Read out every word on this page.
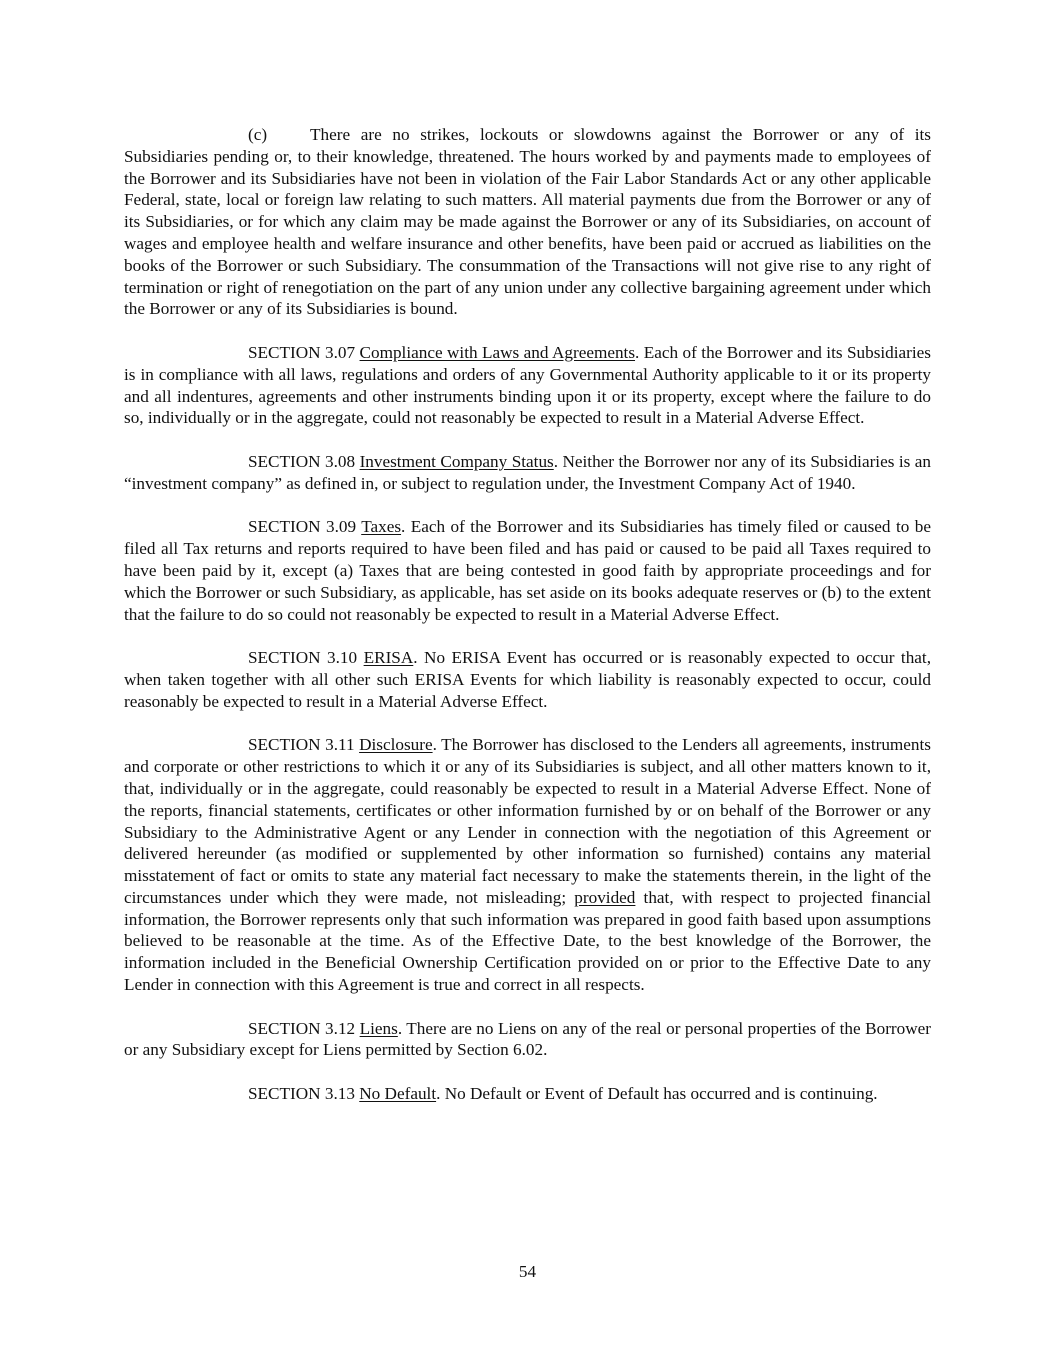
(c) There are no strikes, lockouts or slowdowns against the Borrower or any of its Subsidiaries pending or, to their knowledge, threatened. The hours worked by and payments made to employees of the Borrower and its Subsidiaries have not been in violation of the Fair Labor Standards Act or any other applicable Federal, state, local or foreign law relating to such matters. All material payments due from the Borrower or any of its Subsidiaries, or for which any claim may be made against the Borrower or any of its Subsidiaries, on account of wages and employee health and welfare insurance and other benefits, have been paid or accrued as liabilities on the books of the Borrower or such Subsidiary. The consummation of the Transactions will not give rise to any right of termination or right of renegotiation on the part of any union under any collective bargaining agreement under which the Borrower or any of its Subsidiaries is bound.

SECTION 3.07 Compliance with Laws and Agreements. Each of the Borrower and its Subsidiaries is in compliance with all laws, regulations and orders of any Governmental Authority applicable to it or its property and all indentures, agreements and other instruments binding upon it or its property, except where the failure to do so, individually or in the aggregate, could not reasonably be expected to result in a Material Adverse Effect.

SECTION 3.08 Investment Company Status. Neither the Borrower nor any of its Subsidiaries is an “investment company” as defined in, or subject to regulation under, the Investment Company Act of 1940.

SECTION 3.09 Taxes. Each of the Borrower and its Subsidiaries has timely filed or caused to be filed all Tax returns and reports required to have been filed and has paid or caused to be paid all Taxes required to have been paid by it, except (a) Taxes that are being contested in good faith by appropriate proceedings and for which the Borrower or such Subsidiary, as applicable, has set aside on its books adequate reserves or (b) to the extent that the failure to do so could not reasonably be expected to result in a Material Adverse Effect.

SECTION 3.10 ERISA. No ERISA Event has occurred or is reasonably expected to occur that, when taken together with all other such ERISA Events for which liability is reasonably expected to occur, could reasonably be expected to result in a Material Adverse Effect.

SECTION 3.11 Disclosure. The Borrower has disclosed to the Lenders all agreements, instruments and corporate or other restrictions to which it or any of its Subsidiaries is subject, and all other matters known to it, that, individually or in the aggregate, could reasonably be expected to result in a Material Adverse Effect. None of the reports, financial statements, certificates or other information furnished by or on behalf of the Borrower or any Subsidiary to the Administrative Agent or any Lender in connection with the negotiation of this Agreement or delivered hereunder (as modified or supplemented by other information so furnished) contains any material misstatement of fact or omits to state any material fact necessary to make the statements therein, in the light of the circumstances under which they were made, not misleading; provided that, with respect to projected financial information, the Borrower represents only that such information was prepared in good faith based upon assumptions believed to be reasonable at the time. As of the Effective Date, to the best knowledge of the Borrower, the information included in the Beneficial Ownership Certification provided on or prior to the Effective Date to any Lender in connection with this Agreement is true and correct in all respects.

SECTION 3.12 Liens. There are no Liens on any of the real or personal properties of the Borrower or any Subsidiary except for Liens permitted by Section 6.02.

SECTION 3.13 No Default. No Default or Event of Default has occurred and is continuing.

54
